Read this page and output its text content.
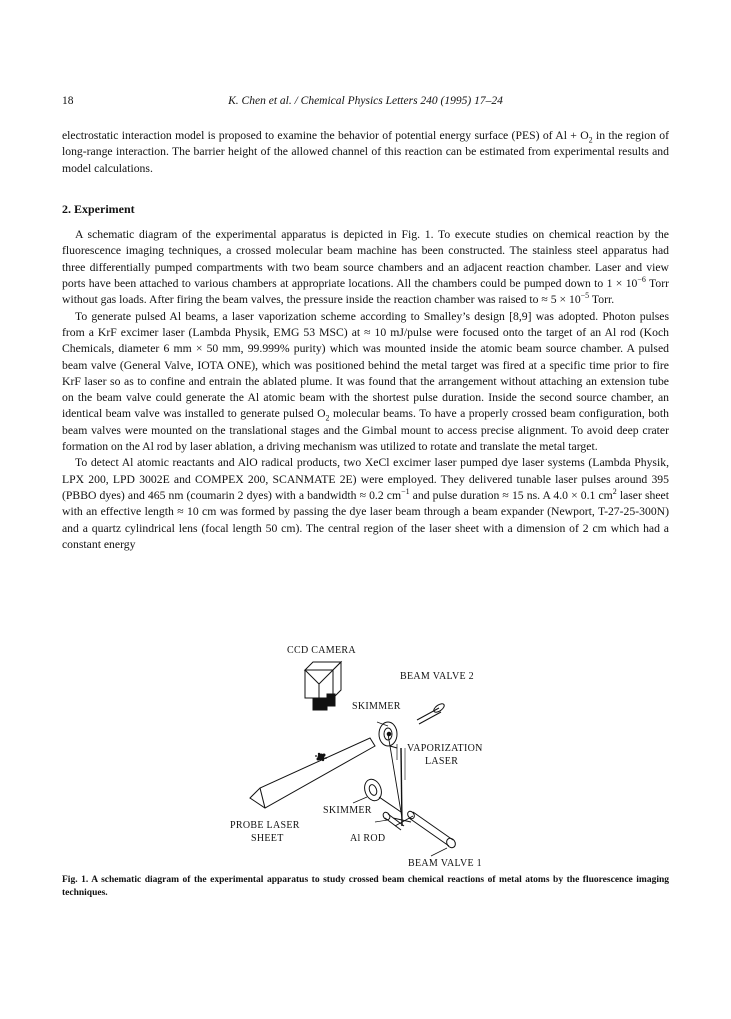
18	K. Chen et al. / Chemical Physics Letters 240 (1995) 17–24

electrostatic interaction model is proposed to examine the behavior of potential energy surface (PES) of $Al + O_2$ in the region of long-range interaction. The barrier height of the allowed channel of this reaction can be estimated from experimental results and model calculations.

2. Experiment

A schematic diagram of the experimental apparatus is depicted in Fig. 1. To execute studies on chemical reaction by the fluorescence imaging techniques, a crossed molecular beam machine has been constructed. The stainless steel apparatus had three differentially pumped compartments with two beam source chambers and an adjacent reaction chamber. Laser and view ports have been attached to various chambers at appropriate locations. All the chambers could be pumped down to $1 \times 10^{-6}$ Torr without gas loads. After firing the beam valves, the pressure inside the reaction chamber was raised to ≈ $5 \times 10^{-5}$ Torr.

To generate pulsed Al beams, a laser vaporization scheme according to Smalley’s design [8,9] was adopted. Photon pulses from a KrF excimer laser (Lambda Physik, EMG 53 MSC) at ≈ 10 mJ/pulse were focused onto the target of an Al rod (Koch Chemicals, diameter 6 mm × 50 mm, 99.999% purity) which was mounted inside the atomic beam source chamber. A pulsed beam valve (General Valve, IOTA ONE), which was positioned behind the metal target was fired at a specific time prior to fire KrF laser so as to confine and entrain the ablated plume. It was found that the arrangement without attaching an extension tube on the beam valve could generate the Al atomic beam with the shortest pulse duration. Inside the second source chamber, an identical beam valve was installed to generate pulsed $O_2$ molecular beams. To have a properly crossed beam configuration, both beam valves were mounted on the translational stages and the Gimbal mount to access precise alignment. To avoid deep crater formation on the Al rod by laser ablation, a driving mechanism was utilized to rotate and translate the metal target.

To detect Al atomic reactants and AlO radical products, two XeCl excimer laser pumped dye laser systems (Lambda Physik, LPX 200, LPD 3002E and COMPEX 200, SCANMATE 2E) were employed. They delivered tunable laser pulses around 395 (PBBO dyes) and 465 nm (coumarin 2 dyes) with a bandwidth ≈ 0.2 $cm^{-1}$ and pulse duration ≈ 15 ns. A 4.0 × 0.1 $cm^2$ laser sheet with an effective length ≈ 10 cm was formed by passing the dye laser beam through a beam expander (Newport, T-27-25-300N) and a quartz cylindrical lens (focal length 50 cm). The central region of the laser sheet with a dimension of 2 cm which had a constant energy

CCD CAMERA
BEAM VALVE 2
SKIMMER
VAPORIZATION
LASER
SKIMMER
PROBE LASER
SHEET	Al ROD
BEAM VALVE 1
Fig. 1. A schematic diagram of the experimental apparatus to study crossed beam chemical reactions of metal atoms by the fluorescence imaging techniques.
